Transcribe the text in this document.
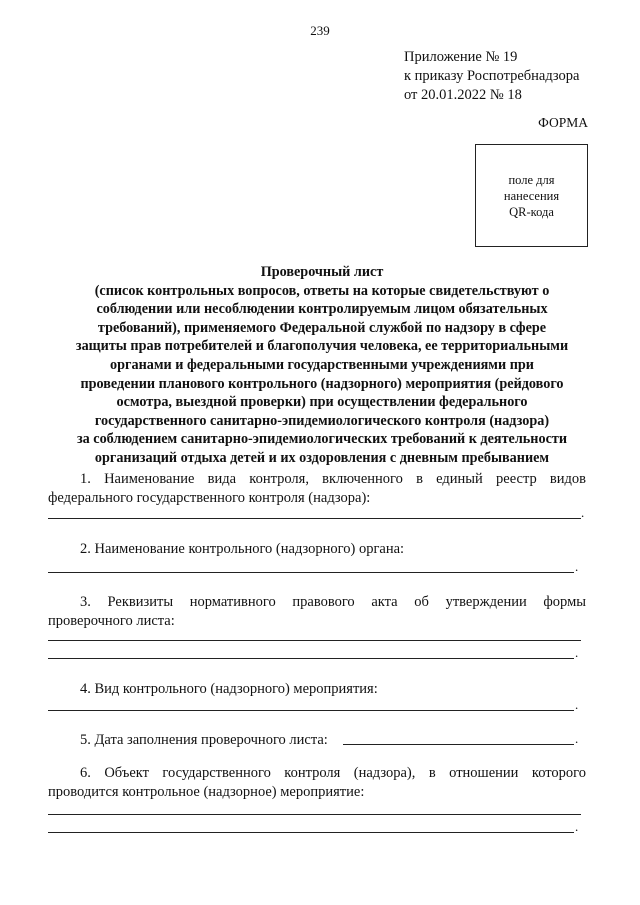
239
Приложение № 19
к приказу Роспотребнадзора
от 20.01.2022 № 18
ФОРМА
поле для
нанесения
QR-кода
Проверочный лист
(список контрольных вопросов, ответы на которые свидетельствуют о
соблюдении или несоблюдении контролируемым лицом обязательных
требований), применяемого Федеральной службой по надзору в сфере
защиты прав потребителей и благополучия человека, ее территориальными
органами и федеральными государственными учреждениями при
проведении планового контрольного (надзорного) мероприятия (рейдового
осмотра, выездной проверки) при осуществлении федерального
государственного санитарно-эпидемиологического контроля (надзора)
за соблюдением санитарно-эпидемиологических требований к деятельности
организаций отдыха детей и их оздоровления с дневным пребыванием
1. Наименование вида контроля, включенного в единый реестр видов
федерального государственного контроля (надзора):
.
2. Наименование контрольного (надзорного) органа:
.
3. Реквизиты нормативного правового акта об утверждении формы
проверочного листа:
.
4. Вид контрольного (надзорного) мероприятия:
.
5. Дата заполнения проверочного листа:	.
6. Объект государственного контроля (надзора), в отношении которого
проводится контрольное (надзорное) мероприятие:
.
